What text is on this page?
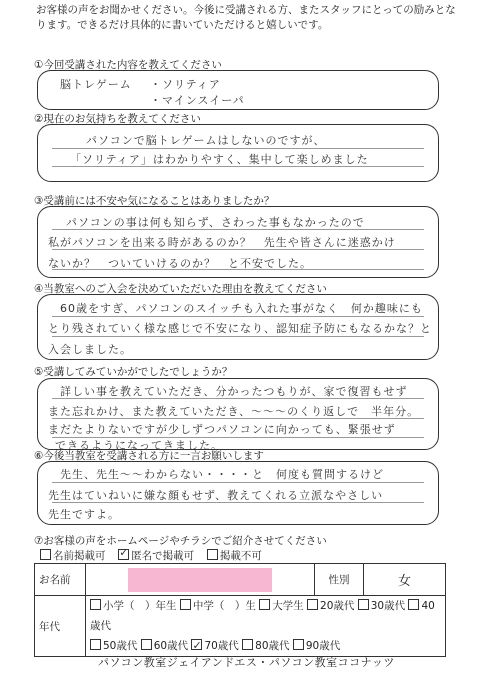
お客様の声をお聞かせください。今後に受講される方、またスタッフにとっての励みとな
ります。できるだけ具体的に書いていただけると嬉しいです。
①今回受講された内容を教えてください
脳トレゲーム ・ソリティア
・マインスイーパ
②現在のお気持ちを教えてください
パソコンで脳トレゲームはしないのですが、
「ソリティア」はわかりやすく、集中して楽しめました
③受講前には不安や気になることはありましたか？
パソコンの事は何も知らず、さわった事もなかったので
私がパソコンを出来る時があるのか？　先生や皆さんに迷惑かけ
ないか？　ついていけるのか？　と不安でした。
④当教室へのご入会を決めていただいた理由を教えてください
60歳をすぎ、パソコンのスイッチも入れた事がなく　何か趣味にも
とり残されていく様な感じで不安になり、認知症予防にもなるかな？と
入会しました。
⑤受講してみていかがでしたでしょうか？
詳しい事を教えていただき、分かったつもりが、家で復習もせず
また忘れかけ、また教えていただき、〜〜〜のくり返しで　半年分。
まだたよりないですが少しずつパソコンに向かっても、緊張せず
できるようになってきました。
⑥今後当教室を受講される方に一言お願いします
先生、先生〜〜わからない・・・・と　何度も質問するけど
先生はていねいに嫌な顔もせず、教えてくれる立派なやさしい
先生ですよ。
⑦お客様の声をホームページやチラシでご紹介させてください
名前掲載可 ✓ 匿名で掲載可 掲載不可
お名前		性別	女
年代	小学（　）年生 中学（　）生 大学生 20歳代 30歳代 40歳代
50歳代 60歳代 ✓ 70歳代 80歳代 90歳代
パソコン教室ジェイアンドエス・パソコン教室ココナッツ
